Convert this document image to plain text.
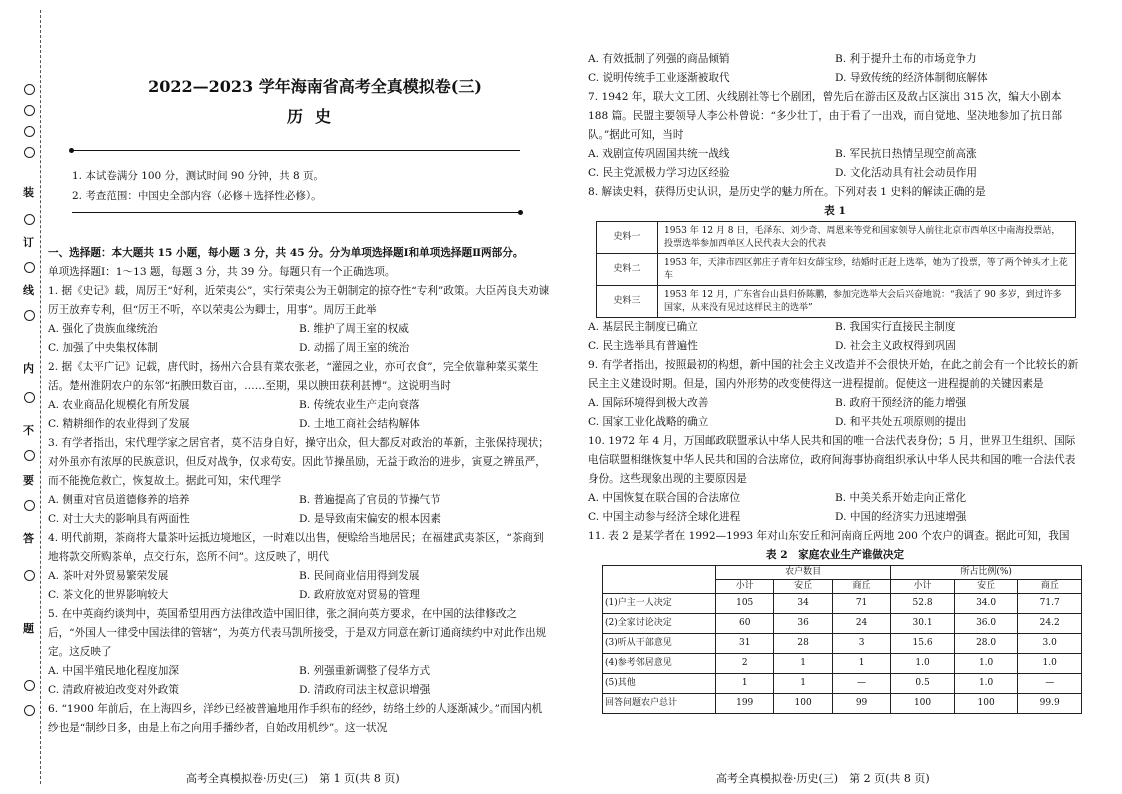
装
订
线
内
不
要
答
题
2022—2023 学年海南省高考全真模拟卷(三)
历史
1. 本试卷满分 100 分，测试时间 90 分钟，共 8 页。
2. 考查范围：中国史全部内容（必修＋选择性必修）。

一、选择题：本大题共 15 小题，每小题 3 分，共 45 分。分为单项选择题Ⅰ和单项选择题Ⅱ两部分。

单项选择题Ⅰ：1～13 题，每题 3 分，共 39 分。每题只有一个正确选项。

1. 据《史记》载，周厉王“好利，近荣夷公”，实行荣夷公为王朝制定的掠夺性“专利”政策。大臣芮良夫劝谏厉王放弃专利，但“厉王不听，卒以荣夷公为卿士，用事”。周厉王此举

A. 强化了贵族血缘统治	B. 维护了周王室的权威
C. 加强了中央集权体制	D. 动摇了周王室的统治

2. 据《太平广记》记载，唐代时，扬州六合县有菜农张老，“灌园之业，亦可衣食”，完全依靠种菜买菜生活。楚州淮阴农户的东邻“拓腴田数百亩，……至期，果以腴田获利甚博”。这说明当时

A. 农业商品化规模化有所发展	B. 传统农业生产走向衰落
C. 精耕细作的农业得到了发展	D. 土地工商社会结构解体

3. 有学者指出，宋代理学家之居官者，莫不洁身自好，操守出众，但大都反对政治的革新，主张保持现状；对外虽亦有浓厚的民族意识，但反对战争，仅求苟安。因此节操虽励，无益于政治的进步，寅夏之辨虽严，而不能挽危救亡，恢复故土。据此可知，宋代理学

A. 侧重对官员道德修养的培养	B. 普遍提高了官员的节操气节
C. 对士大夫的影响具有两面性	D. 是导致南宋偏安的根本因素

4. 明代前期，茶商将大量茶叶运抵边境地区，一时难以出售，便赊给当地居民；在福建武夷茶区，“茶商到地将款交所购茶单，点交行东，恣所不问”。这反映了，明代

A. 茶叶对外贸易繁荣发展	B. 民间商业信用得到发展
C. 茶文化的世界影响较大	D. 政府放宽对贸易的管理

5. 在中英商约谈判中，英国希望用西方法律改造中国旧律，张之洞向英方要求，在中国的法律修改之后，“外国人一律受中国法律的管辖”，为英方代表马凯所接受，于是双方同意在新订通商续约中对此作出规定。这反映了

A. 中国半殖民地化程度加深	B. 列强重新调整了侵华方式
C. 清政府被迫改变对外政策	D. 清政府司法主权意识增强

6. “1900 年前后，在上海四乡，洋纱已经被普遍地用作手织布的经纱，纺络土纱的人逐渐减少。”而国内机纱也是“制纱日多，由是上布之向用手播纱者，自始改用机纱”。这一状况

高考全真模拟卷·历史(三)　第 1 页(共 8 页)
A. 有效抵制了列强的商品倾销	B. 利于提升土布的市场竞争力
C. 说明传统手工业逐渐被取代	D. 导致传统的经济体制彻底解体

7. 1942 年，联大文工团、火线剧社等七个剧团，曾先后在游击区及敌占区演出 315 次，编大小剧本 188 篇。民盟主要领导人李公朴曾说：“多少壮丁，由于看了一出戏，而自觉地、坚决地参加了抗日部队。”据此可知，当时

A. 戏剧宣传巩固国共统一战线	B. 军民抗日热情呈现空前高涨
C. 民主党派极力学习边区经验	D. 文化活动具有社会动员作用

8. 解读史料，获得历史认识，是历史学的魅力所在。下列对表 1 史料的解读正确的是

表 1

史料一	1953 年 12 月 8 日，毛泽东、刘少奇、周恩来等党和国家领导人前往北京市西单区中南海投票站，投票选举参加西单区人民代表大会的代表
史料二	1953 年，天津市四区郭庄子青年妇女薛宝珍，结婚时正赶上选举，她为了投票，等了两个钟头才上花车
史料三	1953 年 12 月，广东省台山县归侨陈鹏，参加完选举大会后兴奋地说：“我活了 90 多岁，到过许多国家，从来没有见过这样民主的选举”
A. 基层民主制度已确立	B. 我国实行直接民主制度
C. 民主选举具有普遍性	D. 社会主义政权得到巩固

9. 有学者指出，按照最初的构想，新中国的社会主义改造并不会很快开始，在此之前会有一个比较长的新民主主义建设时期。但是，国内外形势的改变使得这一进程提前。促使这一进程提前的关键因素是

A. 国际环境得到极大改善	B. 政府干预经济的能力增强
C. 国家工业化战略的确立	D. 和平共处五项原则的提出

10. 1972 年 4 月，万国邮政联盟承认中华人民共和国的唯一合法代表身份；5 月，世界卫生组织、国际电信联盟相继恢复中华人民共和国的合法席位，政府间海事协商组织承认中华人民共和国的唯一合法代表身份。这些现象出现的主要原因是

A. 中国恢复在联合国的合法席位	B. 中美关系开始走向正常化
C. 中国主动参与经济全球化进程	D. 中国的经济实力迅速增强

11. 表 2 是某学者在 1992—1993 年对山东安丘和河南商丘两地 200 个农户的调查。据此可知，我国

表 2　家庭农业生产谁做决定

	农户数目			所占比例(%)		
	小计	安丘	商丘	小计	安丘	商丘
(1)户主一人决定	105	34	71	52.8	34.0	71.7
(2)全家讨论决定	60	36	24	30.1	36.0	24.2
(3)听从干部意见	31	28	3	15.6	28.0	3.0
(4)参考邻居意见	2	1	1	1.0	1.0	1.0
(5)其他	1	1	—	0.5	1.0	—
回答问题农户总计	199	100	99	100	100	99.9
高考全真模拟卷·历史(三)　第 2 页(共 8 页)
